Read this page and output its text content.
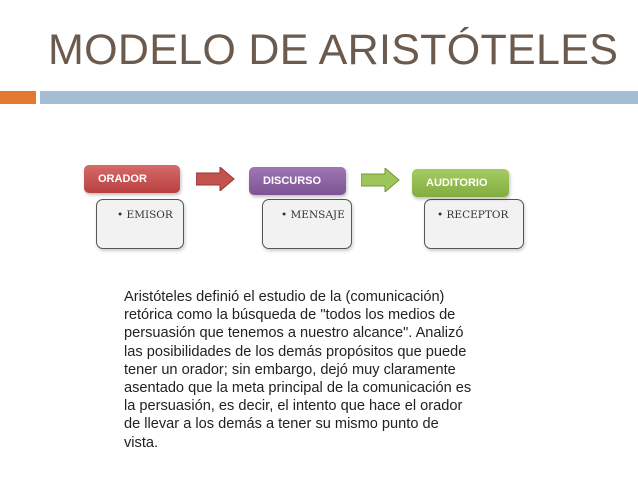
MODELO DE ARISTÓTELES
• EMISOR
ORADOR
• MENSAJE
DISCURSO
• RECEPTOR
AUDITORIO

Aristóteles definió el estudio de la (comunicación) retórica como la búsqueda de "todos los medios de persuasión que tenemos a nuestro alcance". Analizó las posibilidades de los demás propósitos que puede tener un orador; sin embargo, dejó muy claramente asentado que la meta principal de la comunicación es la persuasión, es decir, el intento que hace el orador de llevar a los demás a tener su mismo punto de vista.
